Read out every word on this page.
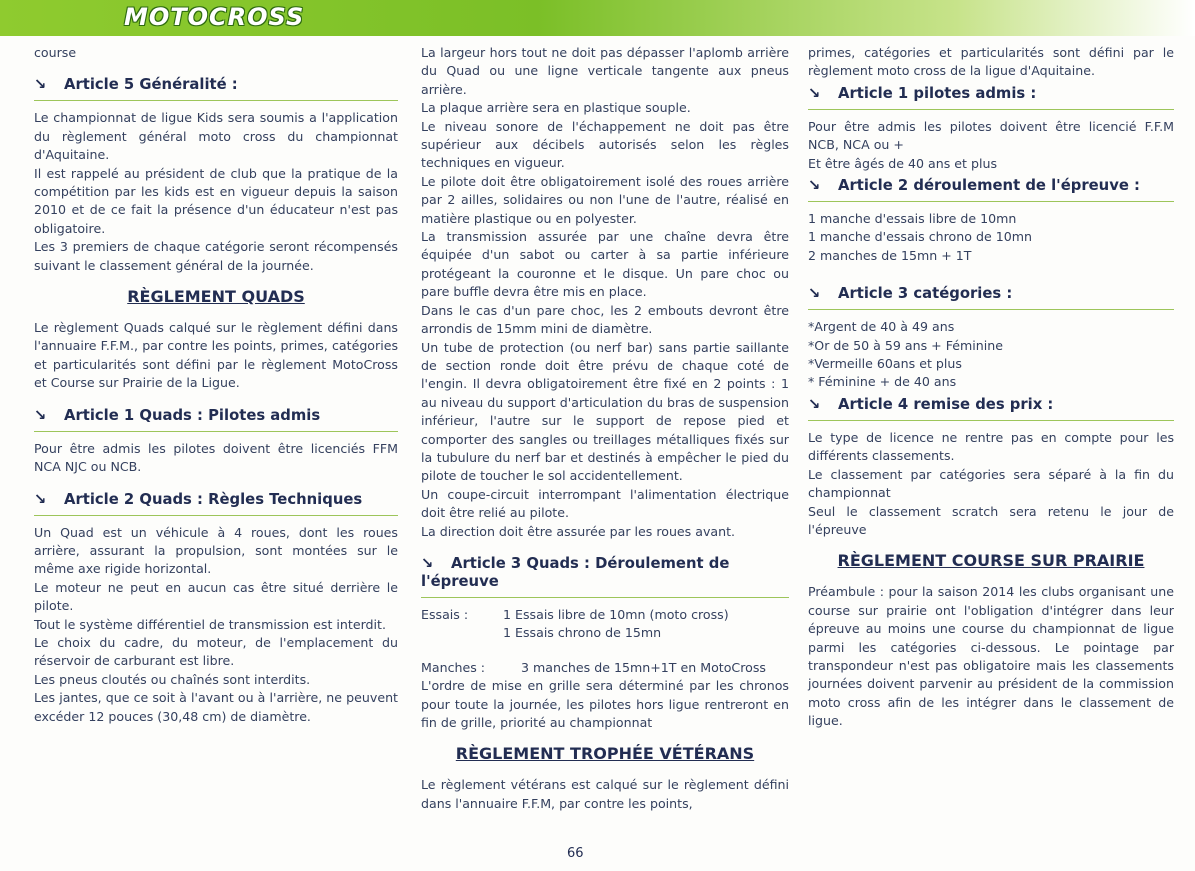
MOTOCROSS

course

↘ Article 5 Généralité :

Le championnat de ligue Kids sera soumis a l'application du règlement général moto cross du championnat d'Aquitaine.

Il est rappelé au président de club que la pratique de la compétition par les kids est en vigueur depuis la saison 2010 et de ce fait la présence d'un éducateur n'est pas obligatoire.

Les 3 premiers de chaque catégorie seront récompensés suivant le classement général de la journée.

RÈGLEMENT QUADS

Le règlement Quads calqué sur le règlement défini dans l'annuaire F.F.M., par contre les points, primes, catégories et particularités sont défini par le règlement MotoCross et Course sur Prairie de la Ligue.

↘ Article 1 Quads : Pilotes admis

Pour être admis les pilotes doivent être licenciés FFM NCA NJC ou NCB.

↘ Article 2 Quads : Règles Techniques

Un Quad est un véhicule à 4 roues, dont les roues arrière, assurant la propulsion, sont montées sur le même axe rigide horizontal.

Le moteur ne peut en aucun cas être situé derrière le pilote.

Tout le système différentiel de transmission est interdit.

Le choix du cadre, du moteur, de l'emplacement du réservoir de carburant est libre.

Les pneus cloutés ou chaînés sont interdits.

Les jantes, que ce soit à l'avant ou à l'arrière, ne peuvent excéder 12 pouces (30,48 cm) de diamètre.

La largeur hors tout ne doit pas dépasser l'aplomb arrière du Quad ou une ligne verticale tangente aux pneus arrière.

La plaque arrière sera en plastique souple.

Le niveau sonore de l'échappement ne doit pas être supérieur aux décibels autorisés selon les règles techniques en vigueur.

Le pilote doit être obligatoirement isolé des roues arrière par 2 ailles, solidaires ou non l'une de l'autre, réalisé en matière plastique ou en polyester.

La transmission assurée par une chaîne devra être équipée d'un sabot ou carter à sa partie inférieure protégeant la couronne et le disque. Un pare choc ou pare buffle devra être mis en place.

Dans le cas d'un pare choc, les 2 embouts devront être arrondis de 15mm mini de diamètre.

Un tube de protection (ou nerf bar) sans partie saillante de section ronde doit être prévu de chaque coté de l'engin. Il devra obligatoirement être fixé en 2 points : 1 au niveau du support d'articulation du bras de suspension inférieur, l'autre sur le support de repose pied et comporter des sangles ou treillages métalliques fixés sur la tubulure du nerf bar et destinés à empêcher le pied du pilote de toucher le sol accidentellement.

Un coupe-circuit interrompant l'alimentation électrique doit être relié au pilote.

La direction doit être assurée par les roues avant.

↘ Article 3 Quads : Déroulement de l'épreuve
Essais :	1 Essais libre de 10mn (moto cross)
1 Essais chrono de 15mn
Manches :	3 manches de 15mn+1T en MotoCross

L'ordre de mise en grille sera déterminé par les chronos pour toute la journée, les pilotes hors ligue rentreront en fin de grille, priorité au championnat

RÈGLEMENT TROPHÉE VÉTÉRANS

Le règlement vétérans est calqué sur le règlement défini dans l'annuaire F.F.M, par contre les points,

primes, catégories et particularités sont défini par le règlement moto cross de la ligue d'Aquitaine.

↘ Article 1 pilotes admis :

Pour être admis les pilotes doivent être licencié F.F.M NCB, NCA ou +

Et être âgés de 40 ans et plus

↘ Article 2 déroulement de l'épreuve :

1 manche d'essais libre de 10mn

1 manche d'essais chrono de 10mn

2 manches de 15mn + 1T

↘ Article 3 catégories :

*Argent de 40 à 49 ans

*Or de 50 à 59 ans + Féminine

*Vermeille 60ans et plus

* Féminine + de 40 ans

↘ Article 4 remise des prix :

Le type de licence ne rentre pas en compte pour les différents classements.

Le classement par catégories sera séparé à la fin du championnat

Seul le classement scratch sera retenu le jour de l'épreuve

RÈGLEMENT COURSE SUR PRAIRIE

Préambule : pour la saison 2014 les clubs organisant une course sur prairie ont l'obligation d'intégrer dans leur épreuve au moins une course du championnat de ligue parmi les catégories ci-dessous. Le pointage par transpondeur n'est pas obligatoire mais les classements journées doivent parvenir au président de la commission moto cross afin de les intégrer dans le classement de ligue.

66
